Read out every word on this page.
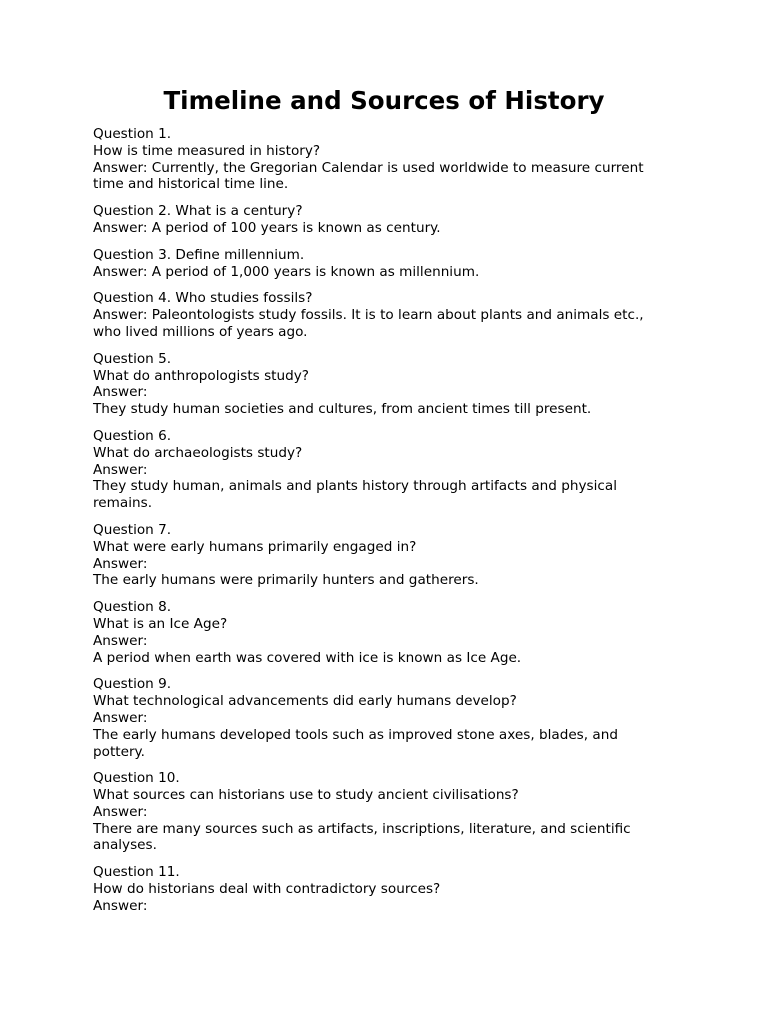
Timeline and Sources of History
Question 1.
How is time measured in history?
Answer: Currently, the Gregorian Calendar is used worldwide to measure current
time and historical time line.
Question 2. What is a century?
Answer: A period of 100 years is known as century.
Question 3. Define millennium.
Answer: A period of 1,000 years is known as millennium.
Question 4. Who studies fossils?
Answer: Paleontologists study fossils. It is to learn about plants and animals etc.,
who lived millions of years ago.
Question 5.
What do anthropologists study?
Answer:
They study human societies and cultures, from ancient times till present.
Question 6.
What do archaeologists study?
Answer:
They study human, animals and plants history through artifacts and physical
remains.
Question 7.
What were early humans primarily engaged in?
Answer:
The early humans were primarily hunters and gatherers.
Question 8.
What is an Ice Age?
Answer:
A period when earth was covered with ice is known as Ice Age.
Question 9.
What technological advancements did early humans develop?
Answer:
The early humans developed tools such as improved stone axes, blades, and
pottery.
Question 10.
What sources can historians use to study ancient civilisations?
Answer:
There are many sources such as artifacts, inscriptions, literature, and scientific
analyses.
Question 11.
How do historians deal with contradictory sources?
Answer:
